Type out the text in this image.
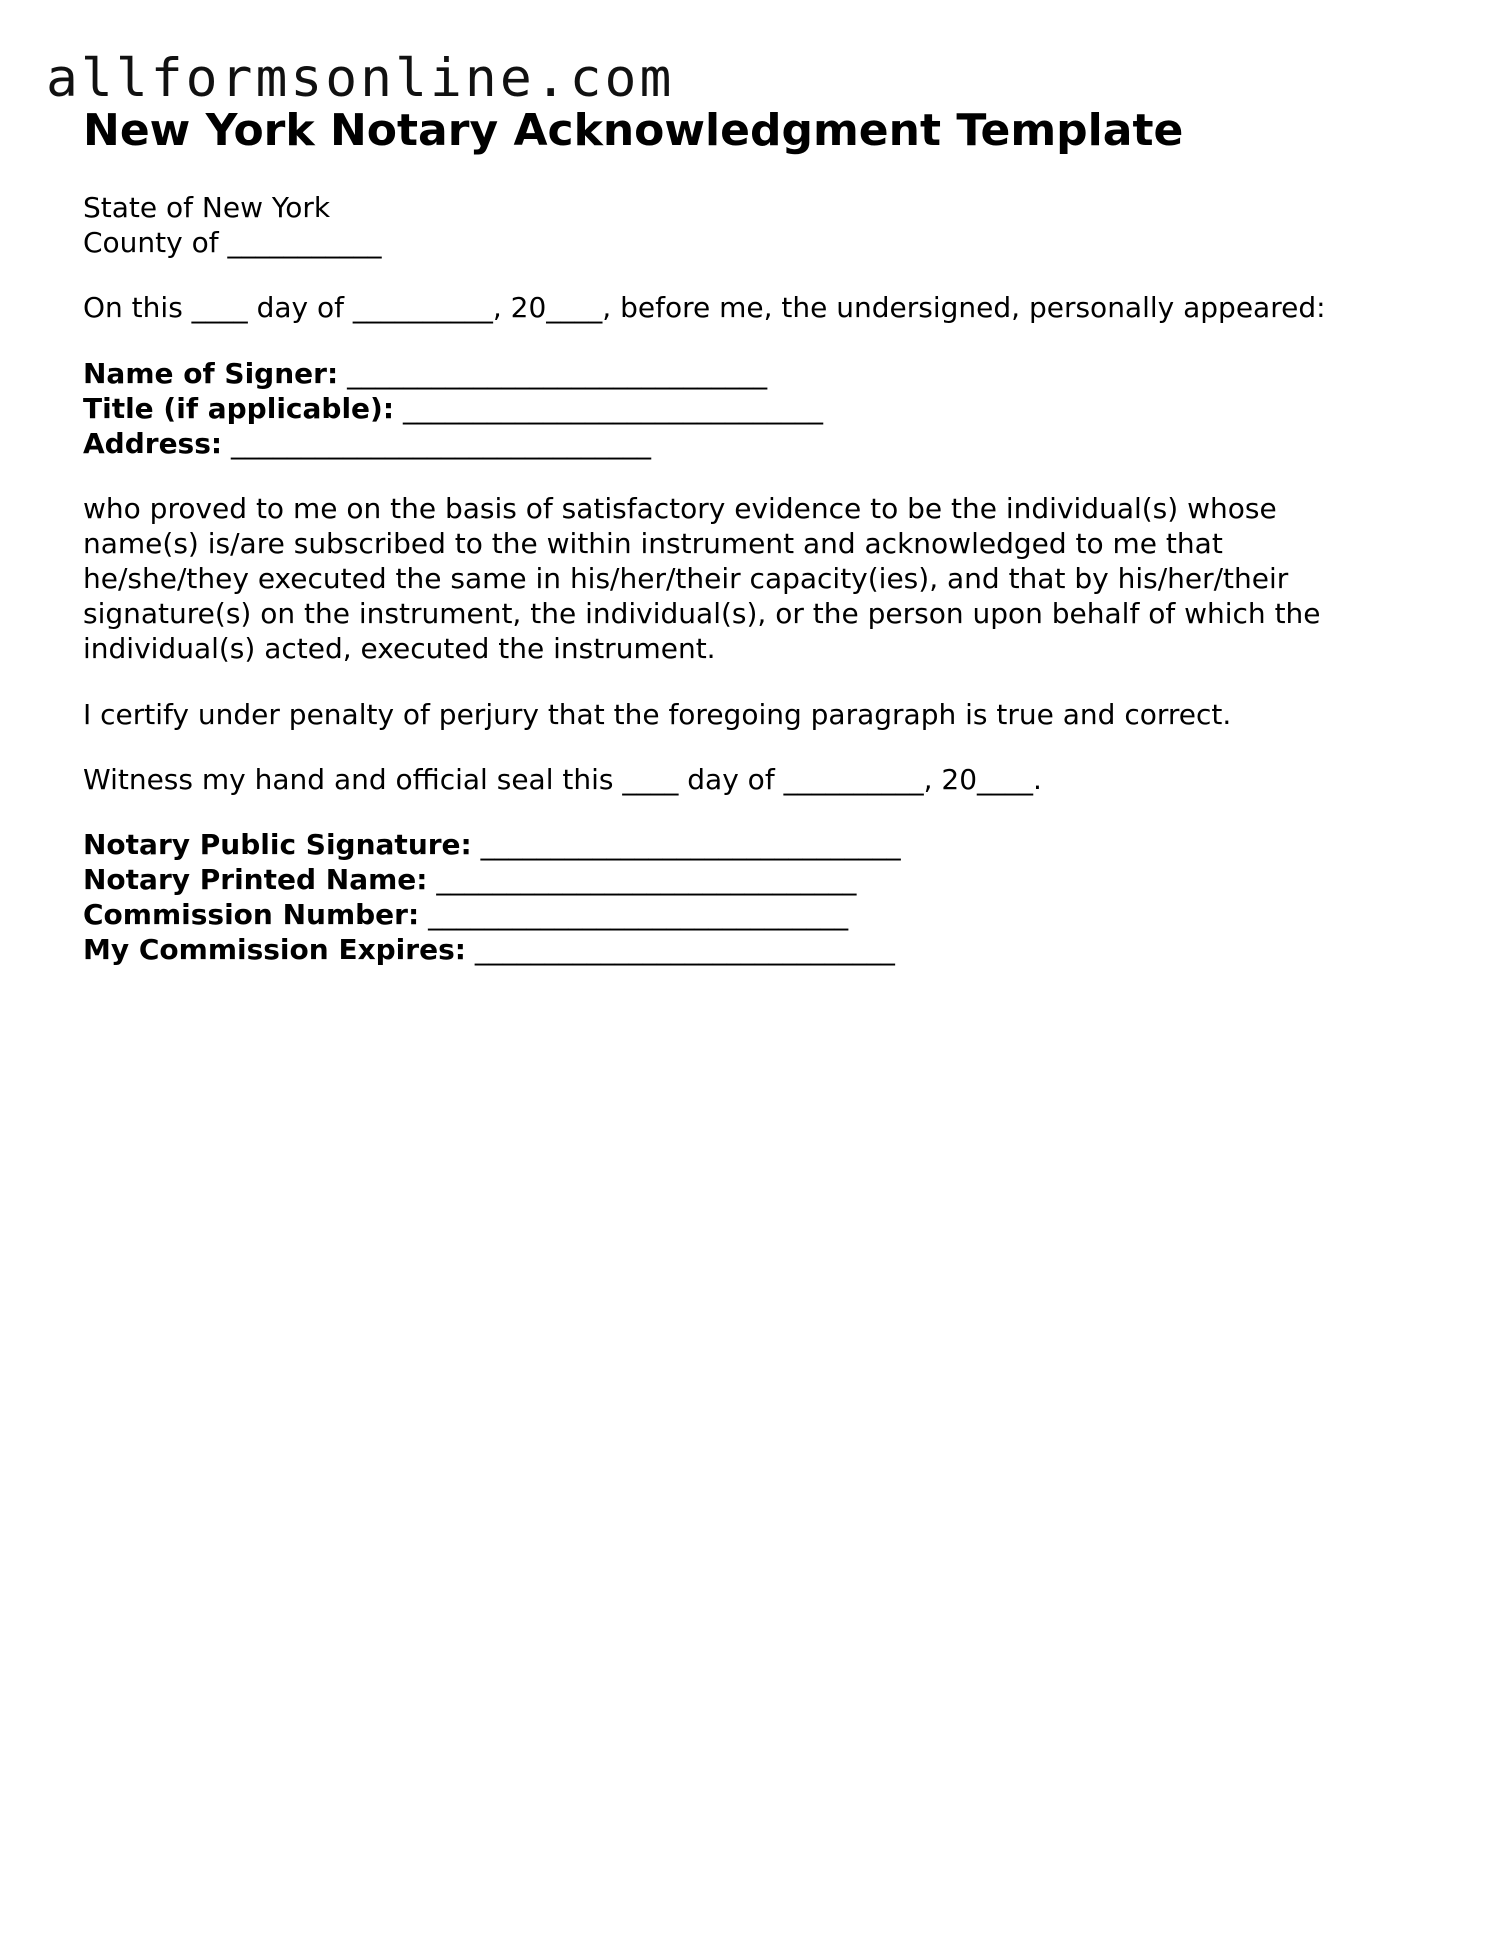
allformsonline.com
New York Notary Acknowledgment Template
State of New York
County of ___________
On this ____ day of __________, 20____, before me, the undersigned, personally appeared:
Name of Signer: ______________________________
Title (if applicable): ______________________________
Address: ______________________________
who proved to me on the basis of satisfactory evidence to be the individual(s) whose
name(s) is/are subscribed to the within instrument and acknowledged to me that
he/she/they executed the same in his/her/their capacity(ies), and that by his/her/their
signature(s) on the instrument, the individual(s), or the person upon behalf of which the
individual(s) acted, executed the instrument.
I certify under penalty of perjury that the foregoing paragraph is true and correct.
Witness my hand and official seal this ____ day of __________, 20____.
Notary Public Signature: ______________________________
Notary Printed Name: ______________________________
Commission Number: ______________________________
My Commission Expires: ______________________________
